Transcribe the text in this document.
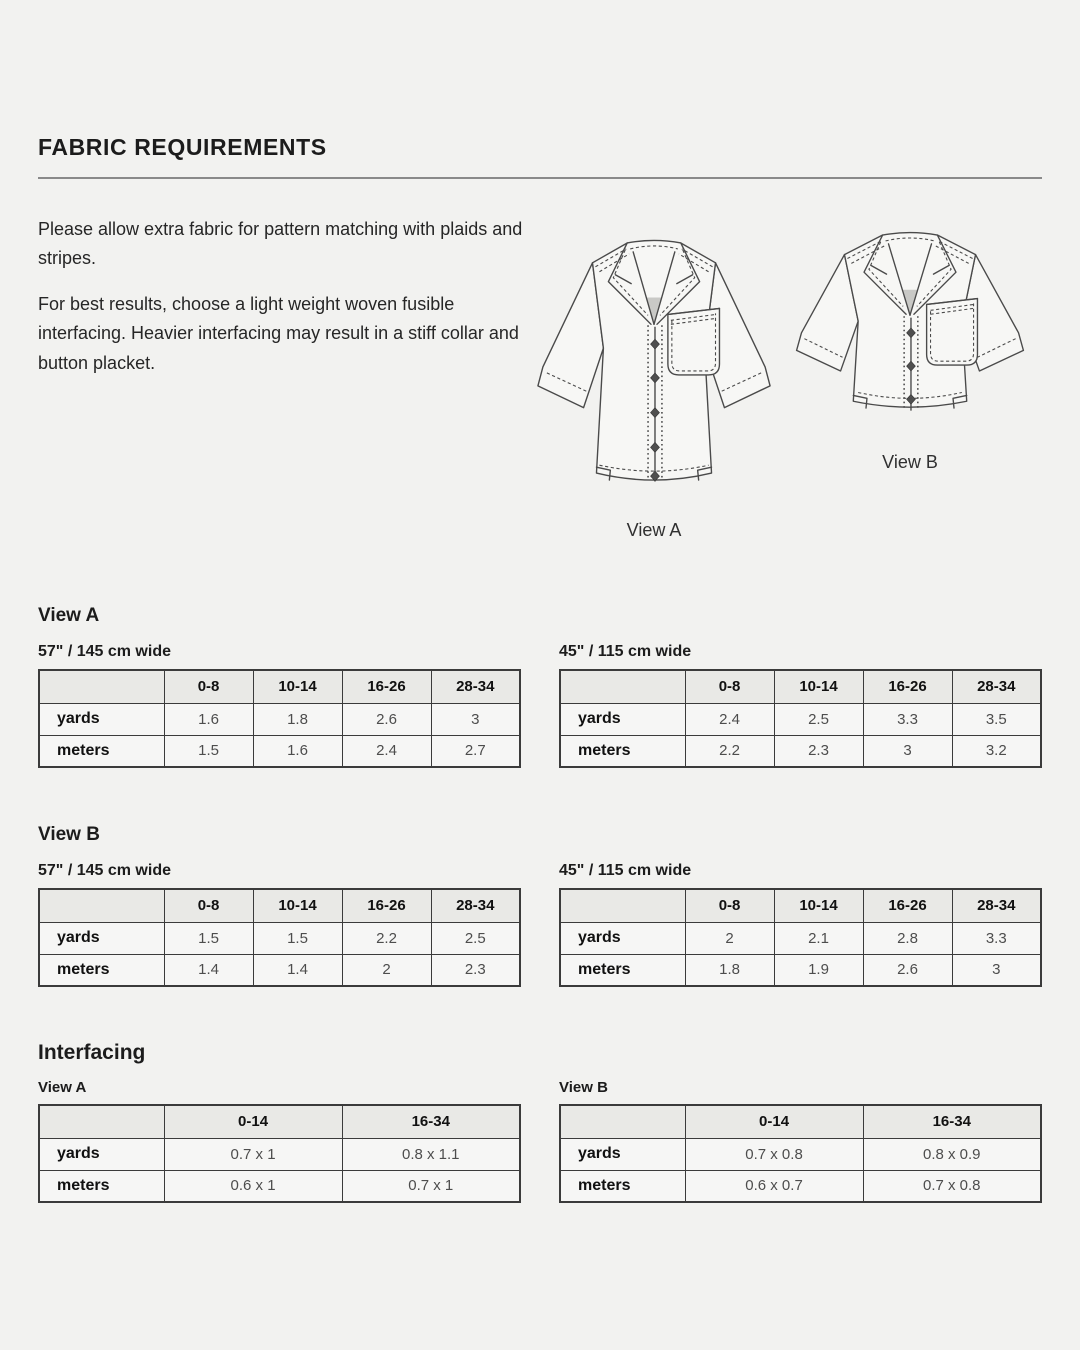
FABRIC REQUIREMENTS

Please allow extra fabric for pattern matching with plaids and stripes.

For best results, choose a light weight woven fusible interfacing. Heavier interfacing may result in a stiff collar and button placket.

View A
View B
View A
57" / 145 cm wide
	0-8	10-14	16-26	28-34
yards	1.6	1.8	2.6	3
meters	1.5	1.6	2.4	2.7
45" / 115 cm wide
	0-8	10-14	16-26	28-34
yards	2.4	2.5	3.3	3.5
meters	2.2	2.3	3	3.2
View B
57" / 145 cm wide
	0-8	10-14	16-26	28-34
yards	1.5	1.5	2.2	2.5
meters	1.4	1.4	2	2.3
45" / 115 cm wide
	0-8	10-14	16-26	28-34
yards	2	2.1	2.8	3.3
meters	1.8	1.9	2.6	3
Interfacing
View A
	0-14	16-34
yards	0.7 x 1	0.8 x 1.1
meters	0.6 x 1	0.7 x 1
View B
	0-14	16-34
yards	0.7 x 0.8	0.8 x 0.9
meters	0.6 x 0.7	0.7 x 0.8
